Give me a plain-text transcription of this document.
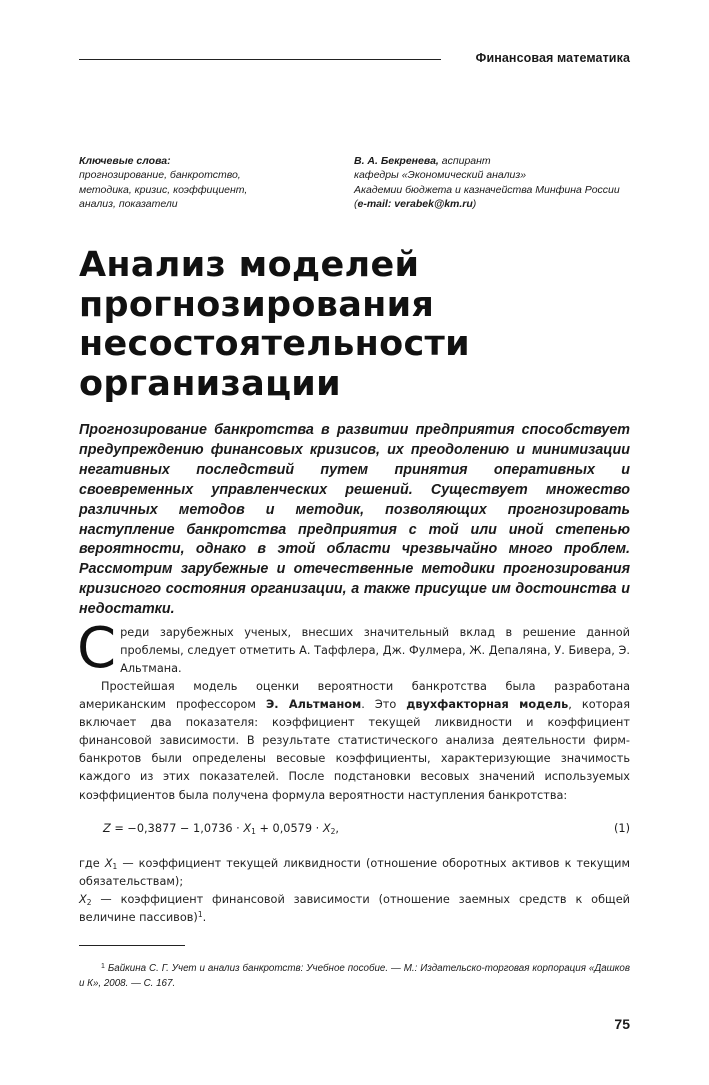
Финансовая математика
Ключевые слова:
прогнозирование, банкротство,
методика, кризис, коэффициент,
анализ, показатели
В. А. Бекренева, аспирант
кафедры «Экономический анализ»
Академии бюджета и казначейства Минфина России
(e-mail: verabek@km.ru)
Анализ моделей
прогнозирования
несостоятельности
организации

Прогнозирование банкротства в развитии предприятия способствует предупреждению финансовых кризисов, их преодолению и минимизации негативных последствий путем принятия оперативных и своевременных управленческих решений. Существует множество различных методов и методик, позволяющих прогнозировать наступление банкротства предприятия с той или иной степенью вероятности, однако в этой области чрезвычайно много проблем. Рассмотрим зарубежные и отечественные методики прогнозирования кризисного состояния организации, а также присущие им достоинства и недостатки.

Среди зарубежных ученых, внесших значительный вклад в решение данной проблемы, следует отметить А. Таффлера, Дж. Фулмера, Ж. Депаляна, У. Бивера, Э. Альтмана.

Простейшая модель оценки вероятности банкротства была разработана американским профессором Э. Альтманом. Это двухфакторная модель, которая включает два показателя: коэффициент текущей ликвидности и коэффициент финансовой зависимости. В результате статистического анализа деятельности фирм-банкротов были определены весовые коэффициенты, характеризующие значимость каждого из этих показателей. После подстановки весовых значений используемых коэффициентов была получена формула вероятности наступления банкротства:

$Z = -0,3877 - 1,0736 \cdot X_1 + 0,0579 \cdot X_2$,	(1)

где $X_1$ — коэффициент текущей ликвидности (отношение оборотных активов к текущим обязательствам);

$X_2$ — коэффициент финансовой зависимости (отношение заемных средств к общей величине пассивов)$^1$.

$^1$ Байкина С. Г. Учет и анализ банкротств: Учебное пособие. — М.: Издательско-торговая корпорация «Дашков и К», 2008. — С. 167.

75
